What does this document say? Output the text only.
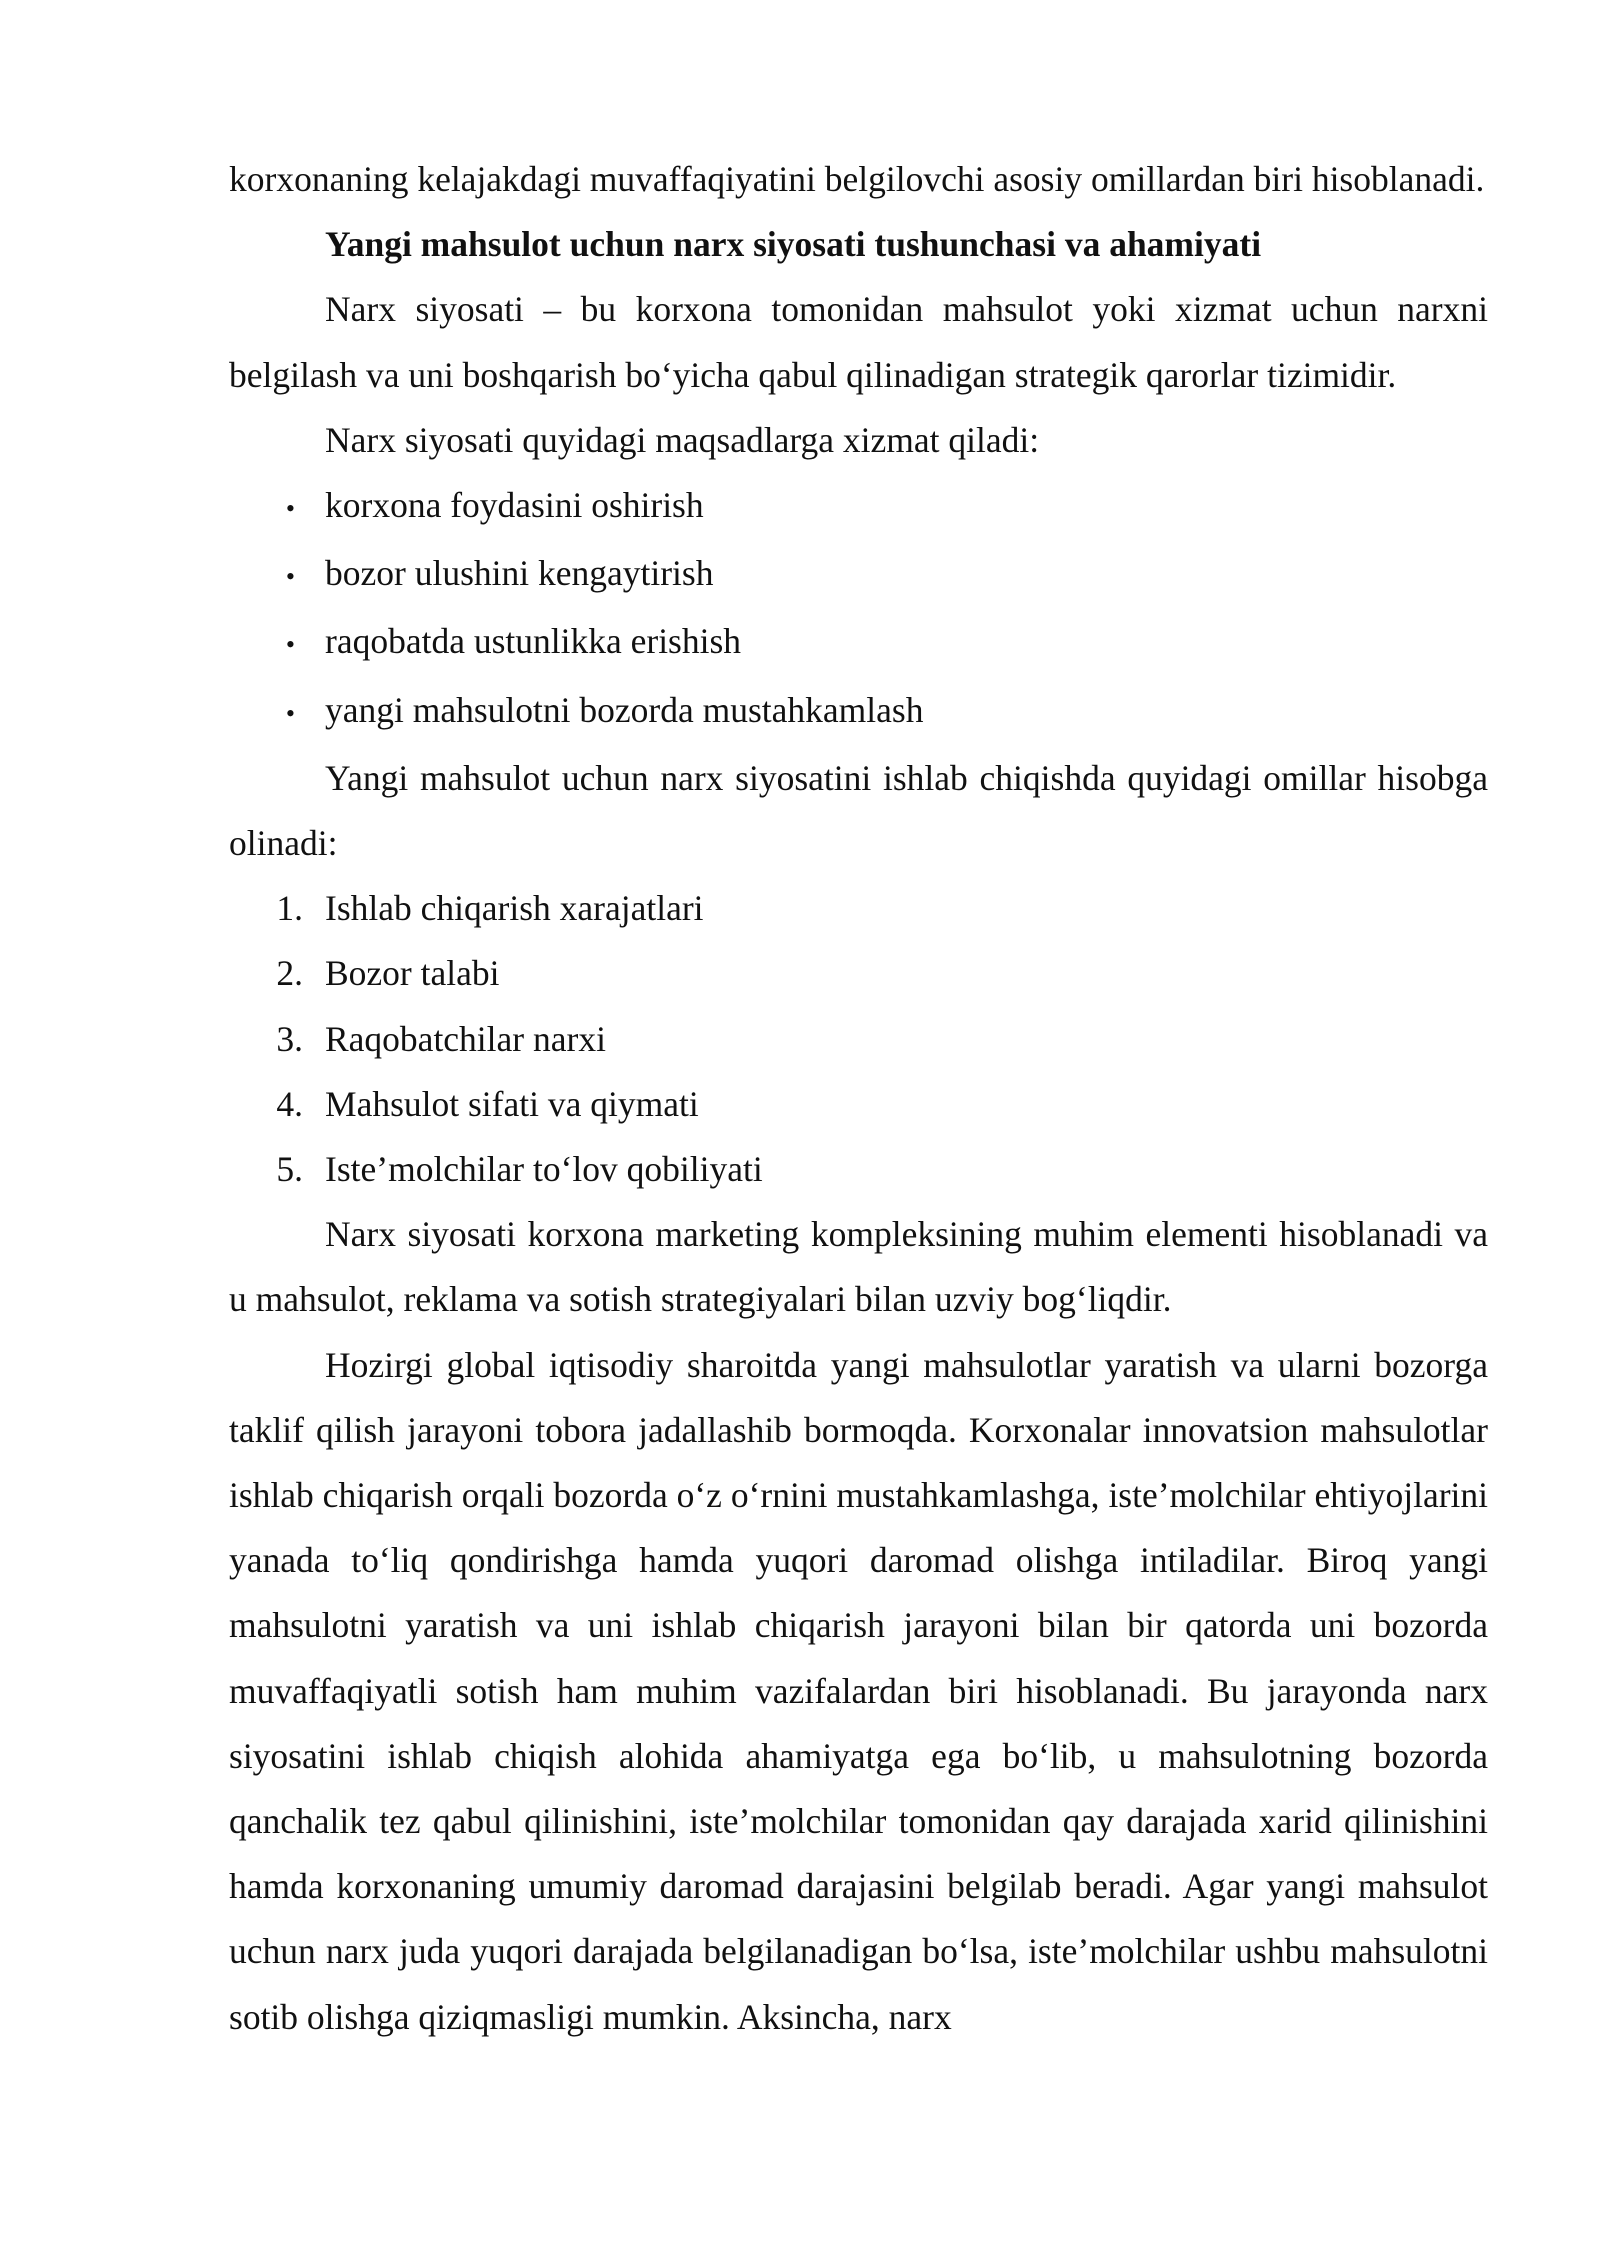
korxonaning kelajakdagi muvaffaqiyatini belgilovchi asosiy omillardan biri hisoblanadi.

Yangi mahsulot uchun narx siyosati tushunchasi va ahamiyati

Narx siyosati – bu korxona tomonidan mahsulot yoki xizmat uchun narxni belgilash va uni boshqarish bo‘yicha qabul qilinadigan strategik qarorlar tizimidir.

Narx siyosati quyidagi maqsadlarga xizmat qiladi:

• korxona foydasini oshirish
• bozor ulushini kengaytirish
• raqobatda ustunlikka erishish
• yangi mahsulotni bozorda mustahkamlash

Yangi mahsulot uchun narx siyosatini ishlab chiqishda quyidagi omillar hisobga olinadi:

1. Ishlab chiqarish xarajatlari
2. Bozor talabi
3. Raqobatchilar narxi
4. Mahsulot sifati va qiymati
5. Iste’molchilar to‘lov qobiliyati

Narx siyosati korxona marketing kompleksining muhim elementi hisoblanadi va u mahsulot, reklama va sotish strategiyalari bilan uzviy bog‘liqdir.

Hozirgi global iqtisodiy sharoitda yangi mahsulotlar yaratish va ularni bozorga taklif qilish jarayoni tobora jadallashib bormoqda. Korxonalar innovatsion mahsulotlar ishlab chiqarish orqali bozorda o‘z o‘rnini mustahkamlashga, iste’molchilar ehtiyojlarini yanada to‘liq qondirishga hamda yuqori daromad olishga intiladilar. Biroq yangi mahsulotni yaratish va uni ishlab chiqarish jarayoni bilan bir qatorda uni bozorda muvaffaqiyatli sotish ham muhim vazifalardan biri hisoblanadi. Bu jarayonda narx siyosatini ishlab chiqish alohida ahamiyatga ega bo‘lib, u mahsulotning bozorda qanchalik tez qabul qilinishini, iste’molchilar tomonidan qay darajada xarid qilinishini hamda korxonaning umumiy daromad darajasini belgilab beradi. Agar yangi mahsulot uchun narx juda yuqori darajada belgilanadigan bo‘lsa, iste’molchilar ushbu mahsulotni sotib olishga qiziqmasligi mumkin. Aksincha, narx
